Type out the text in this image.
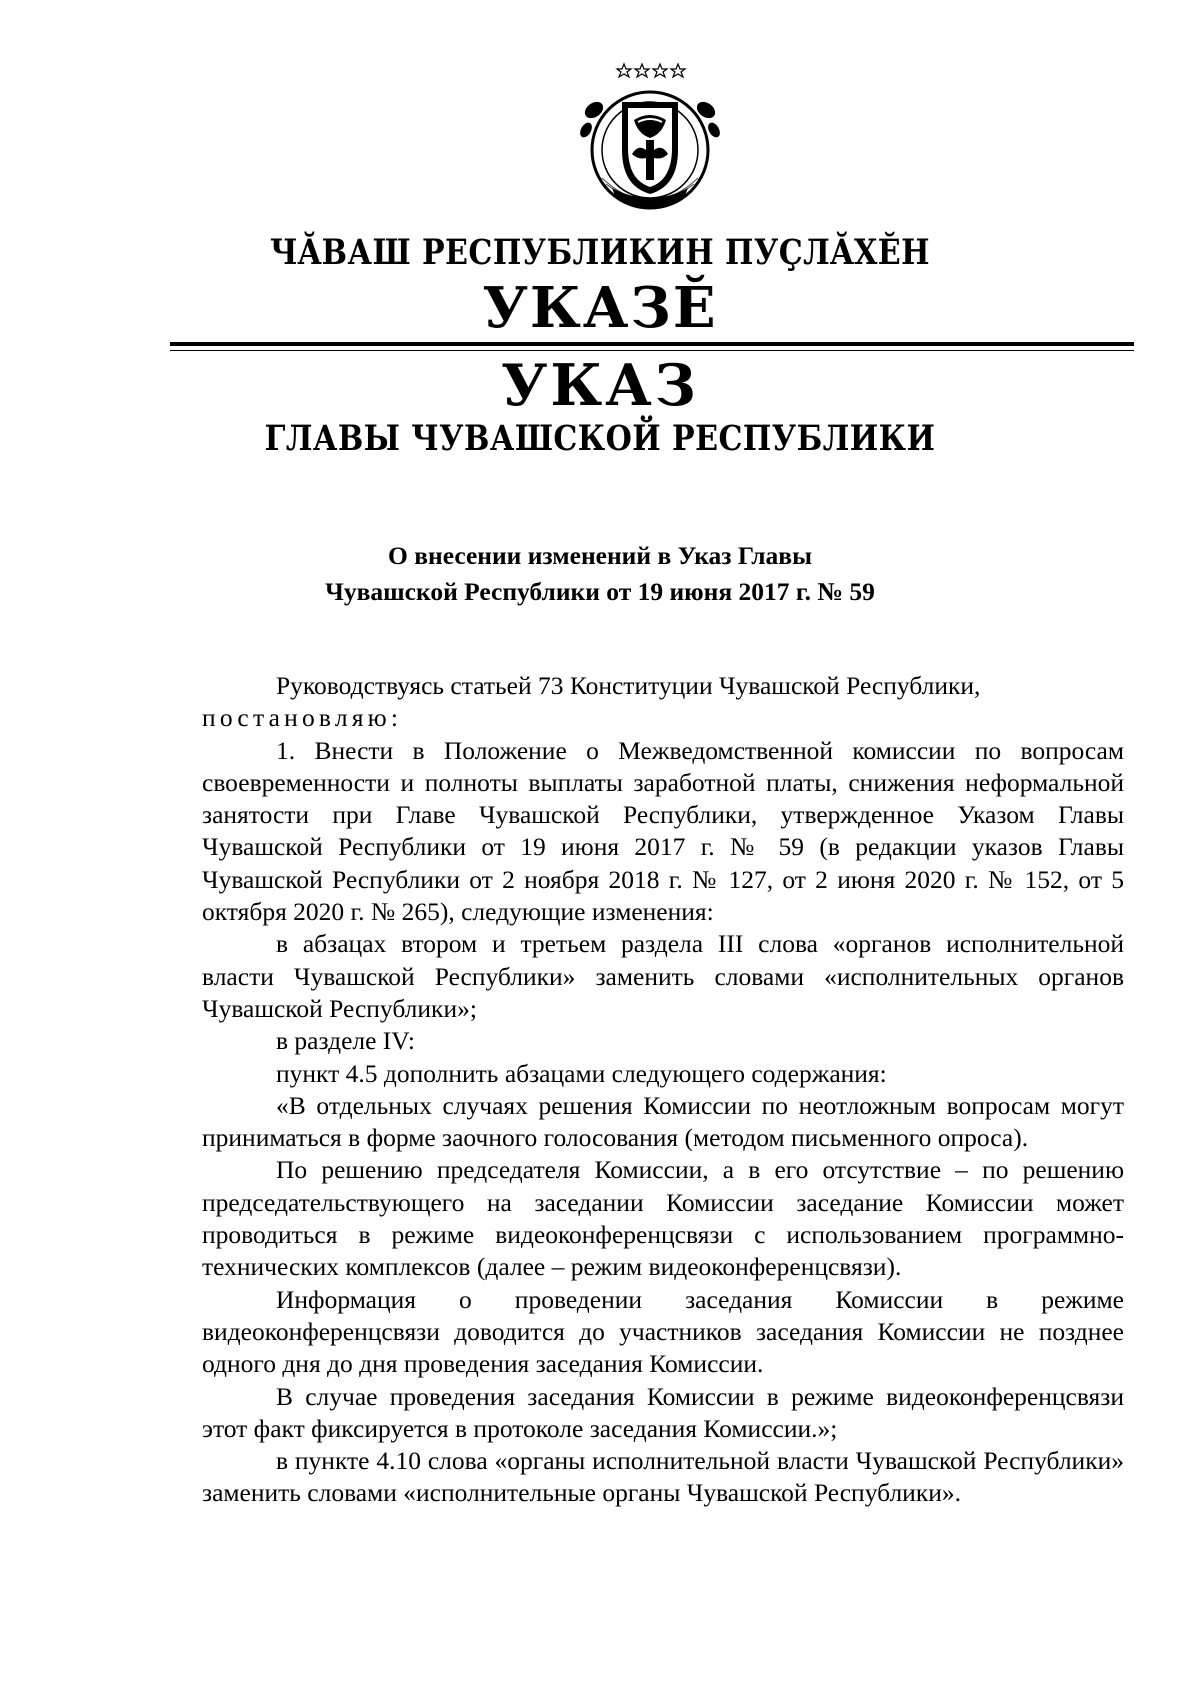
ЧĂВАШ РЕСПУБЛИКИН ПУÇЛĂХĔН
УКАЗĔ
УКАЗ
ГЛАВЫ ЧУВАШСКОЙ РЕСПУБЛИКИ
О внесении изменений в Указ Главы
Чувашской Республики от 19 июня 2017 г. № 59

Руководствуясь статьей 73 Конституции Чувашской Республики,

постановляю:

1. Внести в Положение о Межведомственной комиссии по вопросам своевременности и полноты выплаты заработной платы, снижения неформальной занятости при Главе Чувашской Республики, утвержденное Указом Главы Чувашской Республики от 19 июня 2017 г. № 59 (в редакции указов Главы Чувашской Республики от 2 ноября 2018 г. № 127, от 2 июня 2020 г. № 152, от 5 октября 2020 г. № 265), следующие изменения:

в абзацах втором и третьем раздела III слова «органов исполнительной власти Чувашской Республики» заменить словами «исполнительных органов Чувашской Республики»;

в разделе IV:

пункт 4.5 дополнить абзацами следующего содержания:

«В отдельных случаях решения Комиссии по неотложным вопросам могут приниматься в форме заочного голосования (методом письменного опроса).

По решению председателя Комиссии, а в его отсутствие – по решению председательствующего на заседании Комиссии заседание Комиссии может проводиться в режиме видеоконференцсвязи с использованием программно-технических комплексов (далее – режим видеоконференцсвязи).

Информация о проведении заседания Комиссии в режиме видеоконференцсвязи доводится до участников заседания Комиссии не позднее одного дня до дня проведения заседания Комиссии.

В случае проведения заседания Комиссии в режиме видеоконференцсвязи этот факт фиксируется в протоколе заседания Комиссии.»;

в пункте 4.10 слова «органы исполнительной власти Чувашской Республики» заменить словами «исполнительные органы Чувашской Республики».
